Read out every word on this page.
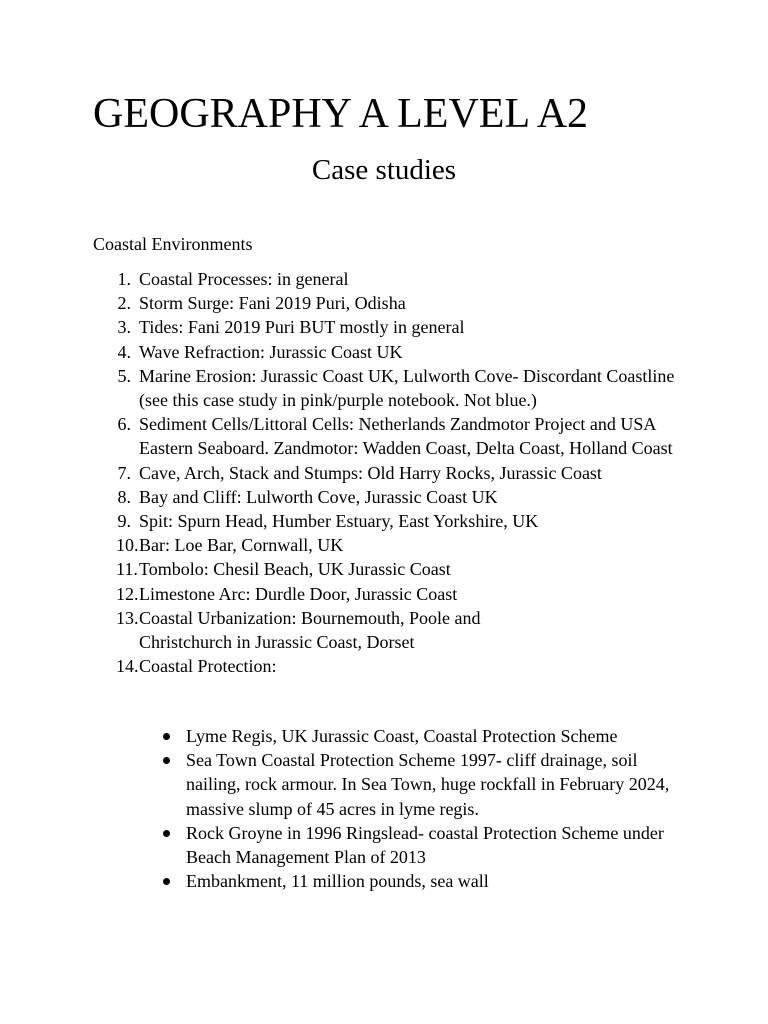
GEOGRAPHY A LEVEL A2
Case studies

Coastal Environments

1. Coastal Processes: in general
2. Storm Surge: Fani 2019 Puri, Odisha
3. Tides: Fani 2019 Puri BUT mostly in general
4. Wave Refraction: Jurassic Coast UK
5. Marine Erosion: Jurassic Coast UK, Lulworth Cove- Discordant Coastline (see this case study in pink/purple notebook. Not blue.)
6. Sediment Cells/Littoral Cells: Netherlands Zandmotor Project and USA Eastern Seaboard. Zandmotor: Wadden Coast, Delta Coast, Holland Coast
7. Cave, Arch, Stack and Stumps: Old Harry Rocks, Jurassic Coast
8. Bay and Cliff: Lulworth Cove, Jurassic Coast UK
9. Spit: Spurn Head, Humber Estuary, East Yorkshire, UK
10. Bar: Loe Bar, Cornwall, UK
11. Tombolo: Chesil Beach, UK Jurassic Coast
12. Limestone Arc: Durdle Door, Jurassic Coast
13. Coastal Urbanization: Bournemouth, Poole and
Christchurch in Jurassic Coast, Dorset
14. Coastal Protection:
Lyme Regis, UK Jurassic Coast, Coastal Protection Scheme
Sea Town Coastal Protection Scheme 1997- cliff drainage, soil nailing, rock armour. In Sea Town, huge rockfall in February 2024, massive slump of 45 acres in lyme regis.
Rock Groyne in 1996 Ringslead- coastal Protection Scheme under Beach Management Plan of 2013
Embankment, 11 million pounds, sea wall
